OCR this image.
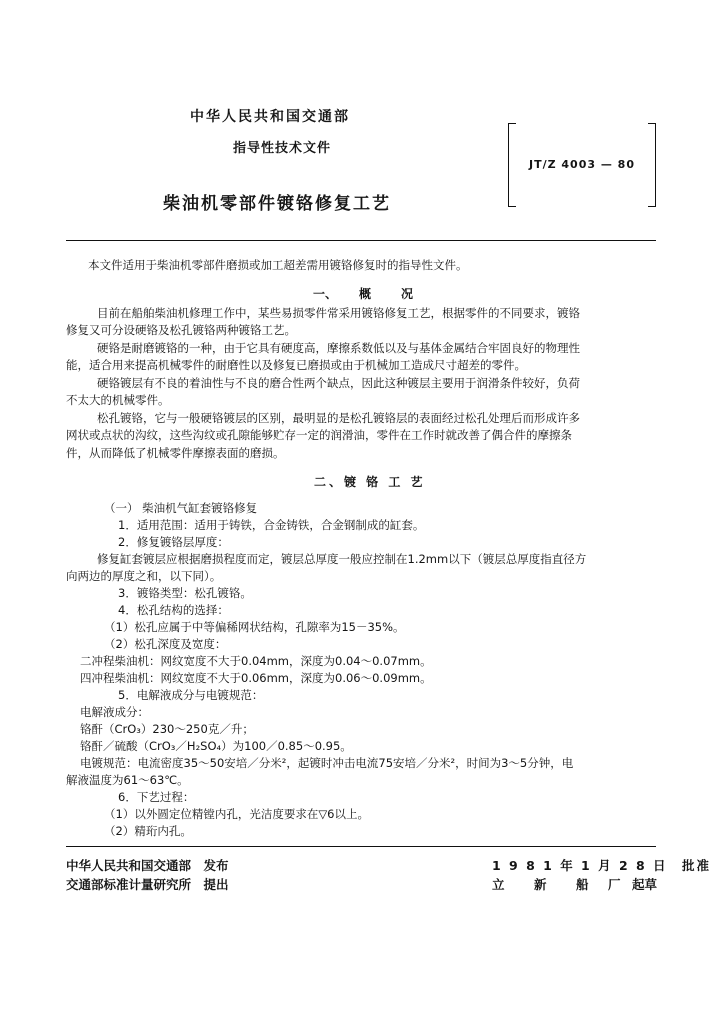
中华人民共和国交通部
指导性技术文件
柴油机零部件镀铬修复工艺
JT/Z 4003 — 80
本文件适用于柴油机零部件磨损或加工超差需用镀铬修复时的指导性文件。
一、 概	况
目前在船舶柴油机修理工作中，某些易损零件常采用镀铬修复工艺，根据零件的不同要求，镀铬
修复又可分设硬铬及松孔镀铬两种镀铬工艺。
硬铬是耐磨镀铬的一种，由于它具有硬度高，摩擦系数低以及与基体金属结合牢固良好的物理性
能，适合用来提高机械零件的耐磨性以及修复已磨损或由于机械加工造成尺寸超差的零件。
硬铬镀层有不良的着油性与不良的磨合性两个缺点，因此这种镀层主要用于润滑条件较好，负荷
不太大的机械零件。
松孔镀铬，它与一般硬铬镀层的区别，最明显的是松孔镀铬层的表面经过松孔处理后而形成许多
网状或点状的沟纹，这些沟纹或孔隙能够贮存一定的润滑油，零件在工作时就改善了偶合件的摩擦条
件，从而降低了机械零件摩擦表面的磨损。
二、镀 铬 工 艺
（一） 柴油机气缸套镀铬修复
1．适用范围：适用于铸铁，合金铸铁，合金钢制成的缸套。
2．修复镀铬层厚度：
修复缸套镀层应根据磨损程度而定，镀层总厚度一般应控制在1.2mm以下（镀层总厚度指直径方
向两边的厚度之和，以下同）。
3．镀铬类型：松孔镀铬。
4．松孔结构的选择：
（1）松孔应属于中等偏稀网状结构，孔隙率为15－35%。
（2）松孔深度及宽度：
二冲程柴油机：网纹宽度不大于0.04mm，深度为0.04～0.07mm。
四冲程柴油机：网纹宽度不大于0.06mm，深度为0.06～0.09mm。
5．电解液成分与电镀规范：
电解液成分：
铬酐（CrO₃）230～250克／升；
铬酐／硫酸（CrO₃／H₂SO₄）为100／0.85～0.95。
电镀规范：电流密度35～50安培／分米²，起镀时冲击电流75安培／分米²，时间为3～5分钟，电
解液温度为61～63℃。
6．下艺过程：
（1）以外圆定位精镗内孔，光洁度要求在▽6以上。
（2）精珩内孔。
中华人民共和国交通部　发布
交通部标准计量研究所　提出
1 9 8 1 年 1 月 2 8 日　批准
立 新 船 厂 起草
